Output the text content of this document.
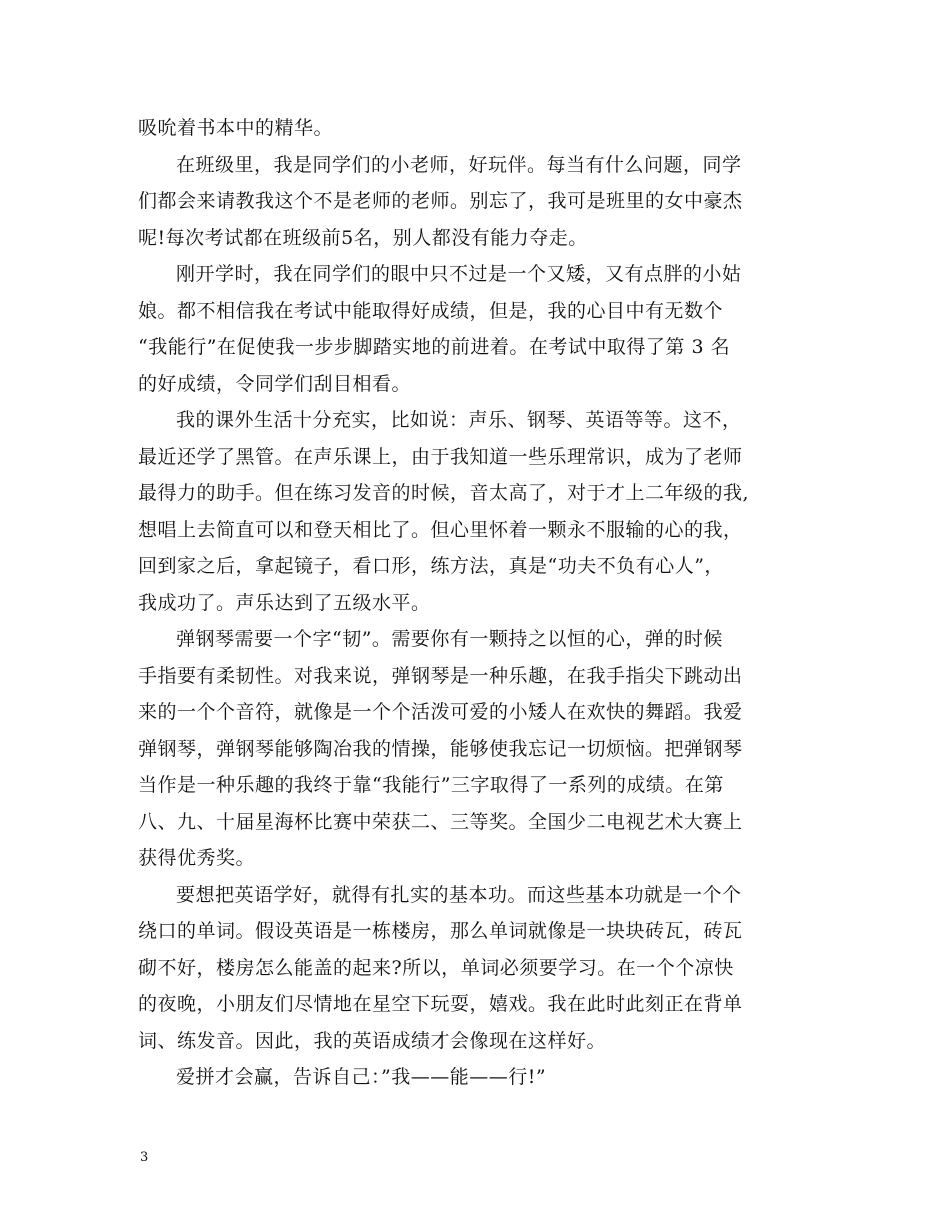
吸吮着书本中的精华。
在班级里，我是同学们的小老师，好玩伴。每当有什么问题，同学
们都会来请教我这个不是老师的老师。别忘了，我可是班里的女中豪杰
呢!每次考试都在班级前5名，别人都没有能力夺走。
刚开学时，我在同学们的眼中只不过是一个又矮，又有点胖的小姑
娘。都不相信我在考试中能取得好成绩，但是，我的心目中有无数个
“我能行”在促使我一步步脚踏实地的前进着。在考试中取得了第 3 名
的好成绩，令同学们刮目相看。
我的课外生活十分充实，比如说：声乐、钢琴、英语等等。这不，
最近还学了黑管。在声乐课上，由于我知道一些乐理常识，成为了老师
最得力的助手。但在练习发音的时候，音太高了，对于才上二年级的我,
想唱上去简直可以和登天相比了。但心里怀着一颗永不服输的心的我，
回到家之后，拿起镜子，看口形，练方法，真是“功夫不负有心人”，
我成功了。声乐达到了五级水平。
弹钢琴需要一个字“韧”。需要你有一颗持之以恒的心，弹的时候
手指要有柔韧性。对我来说，弹钢琴是一种乐趣，在我手指尖下跳动出
来的一个个音符，就像是一个个活泼可爱的小矮人在欢快的舞蹈。我爱
弹钢琴，弹钢琴能够陶冶我的情操，能够使我忘记一切烦恼。把弹钢琴
当作是一种乐趣的我终于靠“我能行”三字取得了一系列的成绩。在第
八、九、十届星海杯比赛中荣获二、三等奖。全国少二电视艺术大赛上
获得优秀奖。
要想把英语学好，就得有扎实的基本功。而这些基本功就是一个个
绕口的单词。假设英语是一栋楼房，那么单词就像是一块块砖瓦，砖瓦
砌不好，楼房怎么能盖的起来?所以，单词必须要学习。在一个个凉快
的夜晚，小朋友们尽情地在星空下玩耍，嬉戏。我在此时此刻正在背单
词、练发音。因此，我的英语成绩才会像现在这样好。
爱拼才会赢，告诉自己：”我——能——行!”
3
